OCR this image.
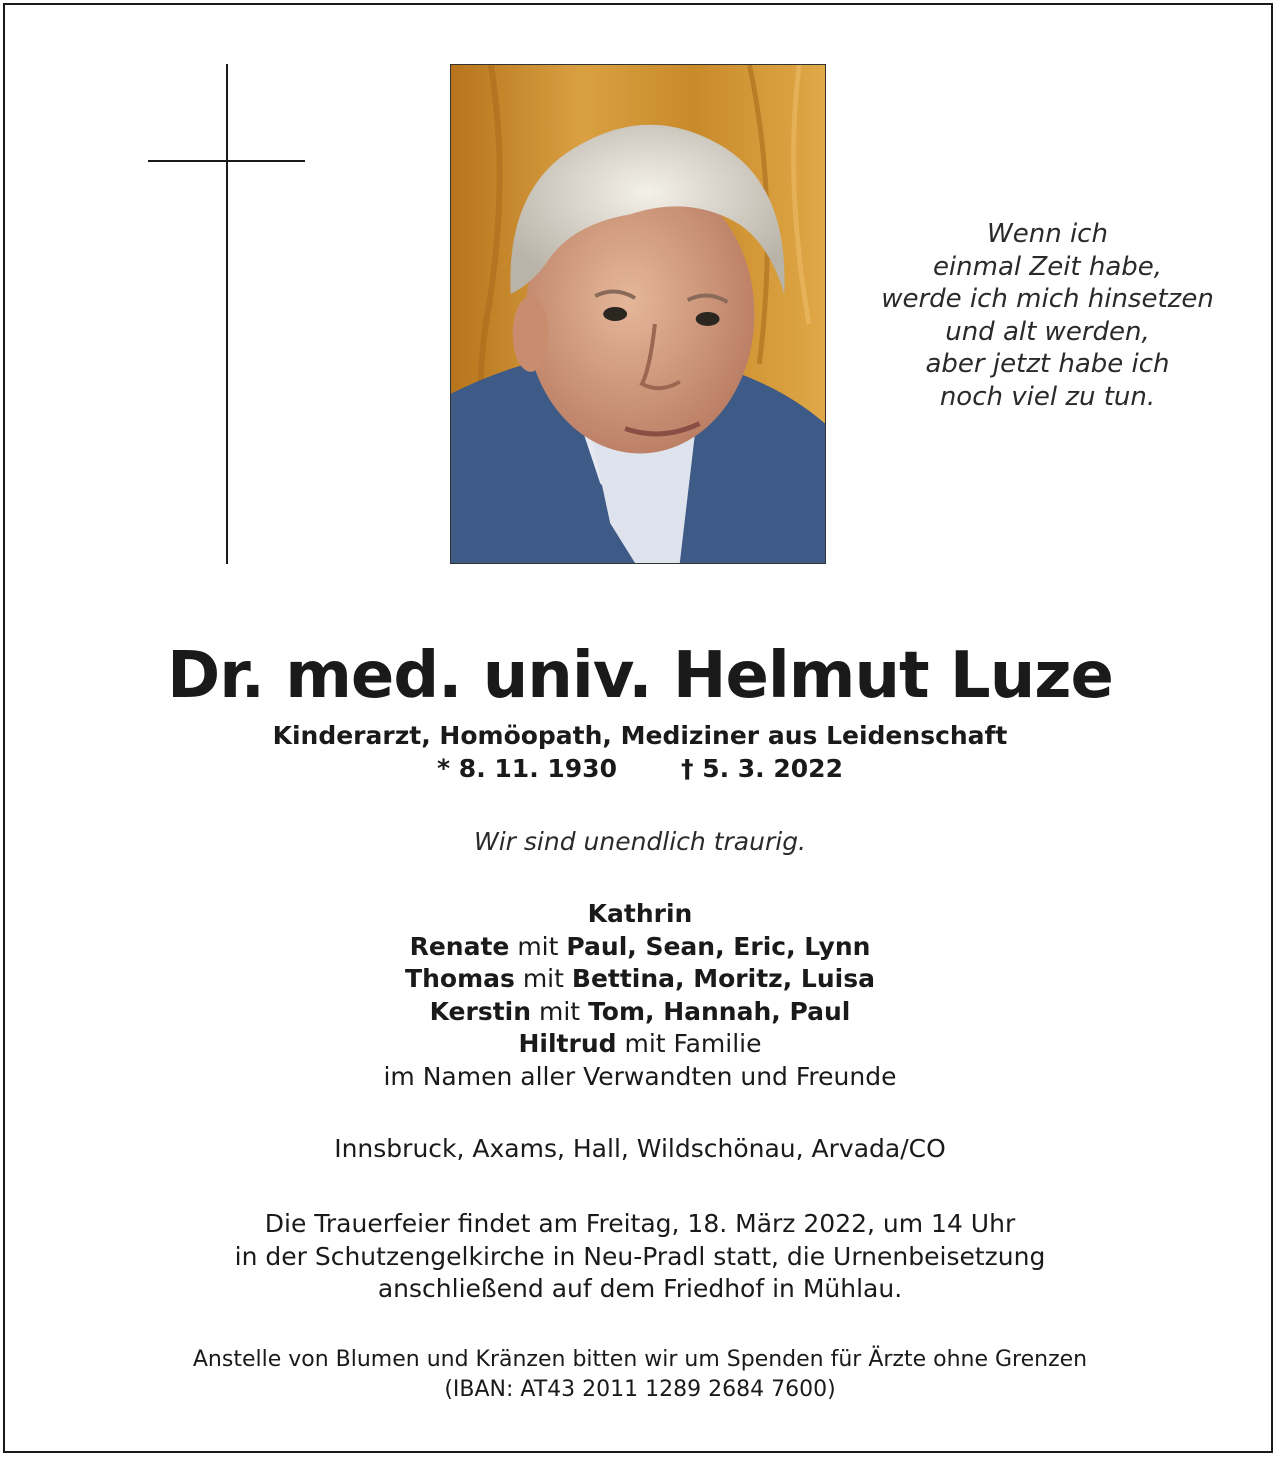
Wenn ich
einmal Zeit habe,
werde ich mich hinsetzen
und alt werden,
aber jetzt habe ich
noch viel zu tun.
Dr. med. univ. Helmut Luze
Kinderarzt, Homöopath, Mediziner aus Leidenschaft
* 8. 11. 1930	† 5. 3. 2022
Wir sind unendlich traurig.
Kathrin
Renate mit Paul, Sean, Eric, Lynn
Thomas mit Bettina, Moritz, Luisa
Kerstin mit Tom, Hannah, Paul
Hiltrud mit Familie
im Namen aller Verwandten und Freunde
Innsbruck, Axams, Hall, Wildschönau, Arvada/CO
Die Trauerfeier findet am Freitag, 18. März 2022, um 14 Uhr
in der Schutzengelkirche in Neu-Pradl statt, die Urnenbeisetzung
anschließend auf dem Friedhof in Mühlau.
Anstelle von Blumen und Kränzen bitten wir um Spenden für Ärzte ohne Grenzen
(IBAN: AT43 2011 1289 2684 7600)
